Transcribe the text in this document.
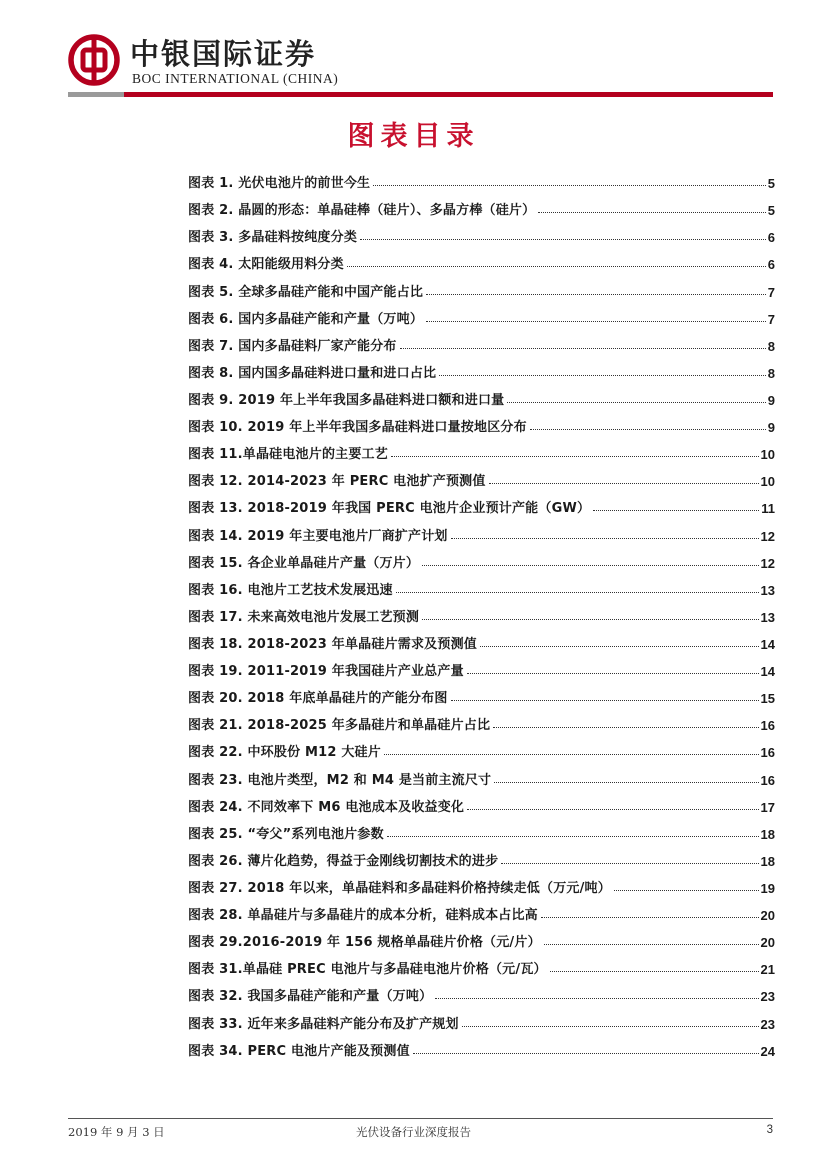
中银国际证券
BOC INTERNATIONAL (CHINA)
图表目录
图表 1. 光伏电池片的前世今生	5
图表 2. 晶圆的形态：单晶硅棒（硅片）、多晶方棒（硅片）	5
图表 3. 多晶硅料按纯度分类	6
图表 4. 太阳能级用料分类	6
图表 5. 全球多晶硅产能和中国产能占比	7
图表 6. 国内多晶硅产能和产量（万吨）	7
图表 7. 国内多晶硅料厂家产能分布	8
图表 8. 国内国多晶硅料进口量和进口占比	8
图表 9. 2019 年上半年我国多晶硅料进口额和进口量	9
图表 10. 2019 年上半年我国多晶硅料进口量按地区分布	9
图表 11.单晶硅电池片的主要工艺	10
图表 12. 2014-2023 年 PERC 电池扩产预测值	10
图表 13. 2018-2019 年我国 PERC 电池片企业预计产能（GW）	11
图表 14. 2019 年主要电池片厂商扩产计划	12
图表 15. 各企业单晶硅片产量（万片）	12
图表 16. 电池片工艺技术发展迅速	13
图表 17. 未来高效电池片发展工艺预测	13
图表 18. 2018-2023 年单晶硅片需求及预测值	14
图表 19. 2011-2019 年我国硅片产业总产量	14
图表 20. 2018 年底单晶硅片的产能分布图	15
图表 21. 2018-2025 年多晶硅片和单晶硅片占比	16
图表 22. 中环股份 M12 大硅片	16
图表 23. 电池片类型，M2 和 M4 是当前主流尺寸	16
图表 24. 不同效率下 M6 电池成本及收益变化	17
图表 25. “夸父”系列电池片参数	18
图表 26. 薄片化趋势，得益于金刚线切割技术的进步	18
图表 27. 2018 年以来，单晶硅料和多晶硅料价格持续走低（万元/吨）	19
图表 28. 单晶硅片与多晶硅片的成本分析，硅料成本占比高	20
图表 29.2016-2019 年 156 规格单晶硅片价格（元/片）	20
图表 31.单晶硅 PREC 电池片与多晶硅电池片价格（元/瓦）	21
图表 32. 我国多晶硅产能和产量（万吨）	23
图表 33. 近年来多晶硅料产能分布及扩产规划	23
图表 34. PERC 电池片产能及预测值	24
2019 年 9 月 3 日	光伏设备行业深度报告	3
